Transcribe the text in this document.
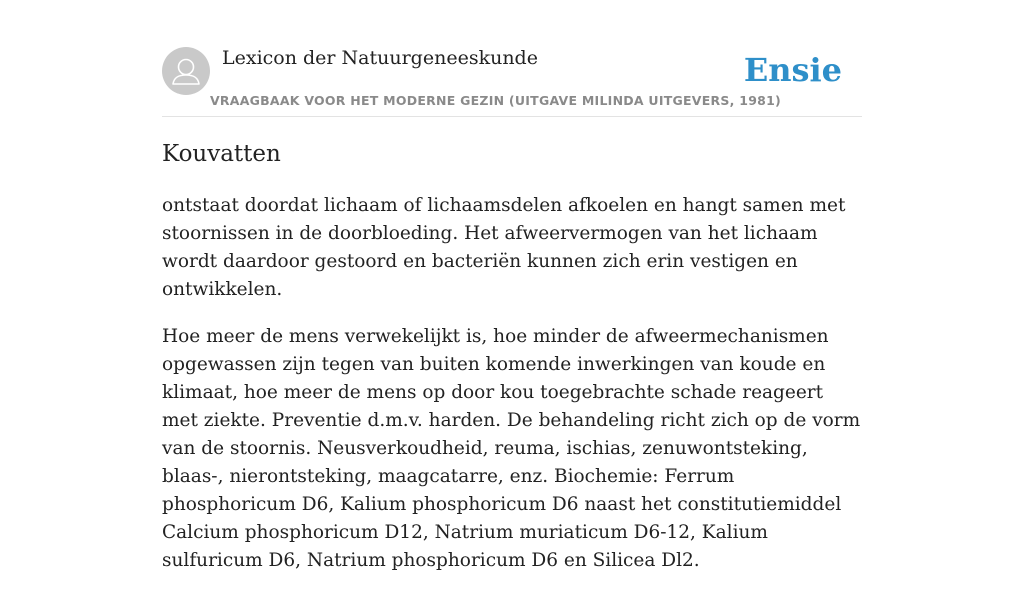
Lexicon der Natuurgeneeskunde
VRAAGBAAK VOOR HET MODERNE GEZIN (UITGAVE MILINDA UITGEVERS, 1981)
Ensie
Kouvatten

ontstaat doordat lichaam of lichaamsdelen afkoelen en hangt samen met stoornissen in de doorbloeding. Het afweervermogen van het lichaam wordt daardoor gestoord en bacteriën kunnen zich erin vestigen en ontwikkelen.

Hoe meer de mens verwekelijkt is, hoe minder de afweermechanismen opgewassen zijn tegen van buiten komende inwerkingen van koude en klimaat, hoe meer de mens op door kou toegebrachte schade reageert met ziekte. Preventie d.m.v. harden. De behandeling richt zich op de vorm van de stoornis. Neusverkoudheid, reuma, ischias, zenuwontsteking, blaas-, nierontsteking, maagcatarre, enz. Biochemie: Ferrum phosphoricum D6, Kalium phosphoricum D6 naast het constitutiemiddel Calcium phosphoricum D12, Natrium muriaticum D6-12, Kalium sulfuricum D6, Natrium phosphoricum D6 en Silicea Dl2.
